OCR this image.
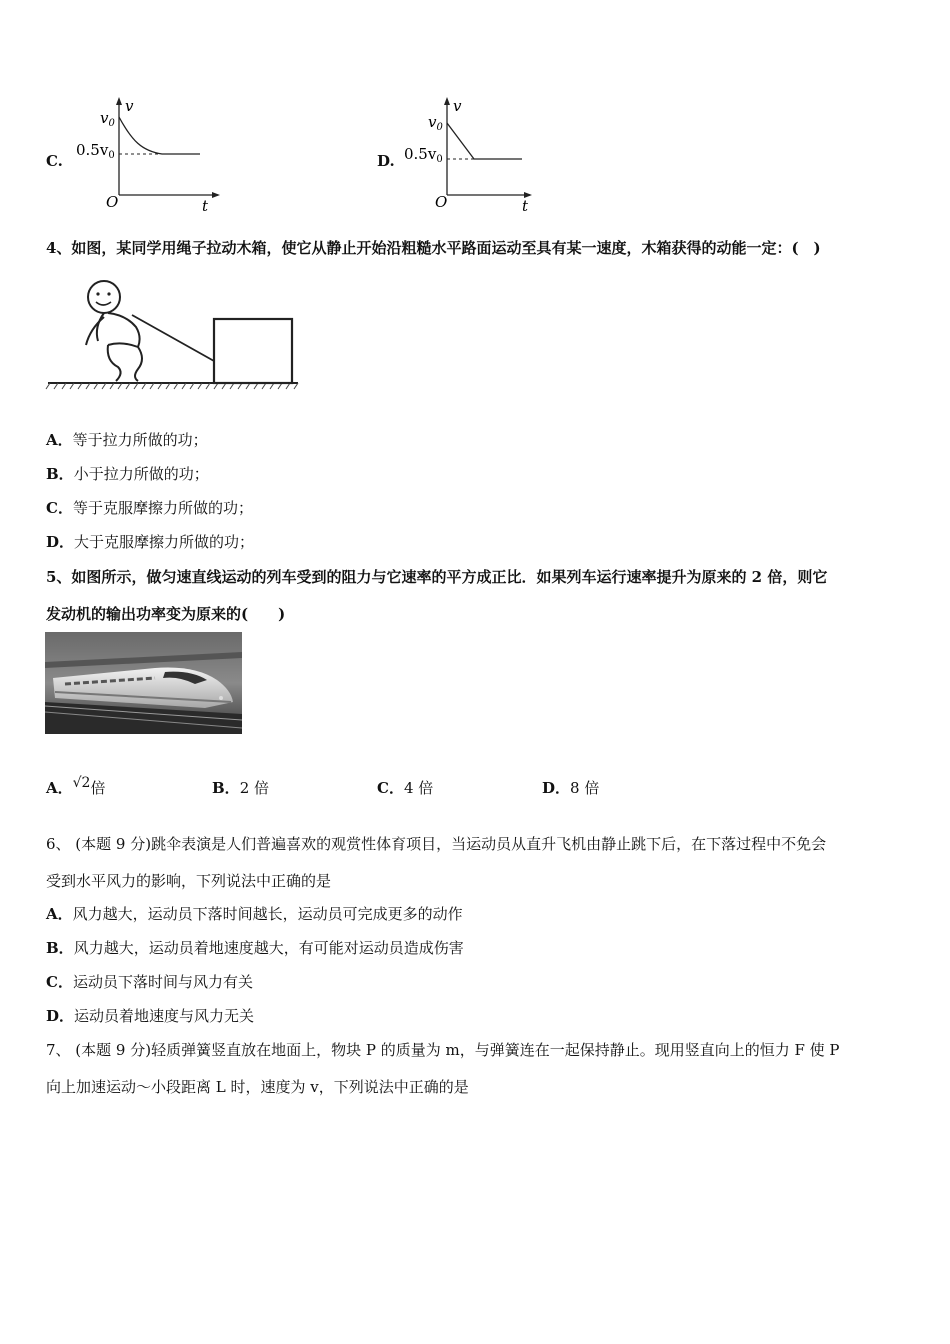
C.
v
$v_0$
$0.5v_0$
O	t
D.
v
$v_0$
$0.5v_0$
O	t
4、如图，某同学用绳子拉动木箱，使它从静止开始沿粗糙水平路面运动至具有某一速度，木箱获得的动能一定：(　)
A．等于拉力所做的功；
B．小于拉力所做的功；
C．等于克服摩擦力所做的功；
D．大于克服摩擦力所做的功；
5、如图所示，做匀速直线运动的列车受到的阻力与它速率的平方成正比．如果列车运行速率提升为原来的 2 倍，则它
发动机的输出功率变为原来的(　　)
A．√2倍	B．2 倍	C．4 倍	D．8 倍
6、 (本题 9 分)跳伞表演是人们普遍喜欢的观赏性体育项目，当运动员从直升飞机由静止跳下后，在下落过程中不免会
受到水平风力的影响，下列说法中正确的是
A．风力越大，运动员下落时间越长，运动员可完成更多的动作
B．风力越大，运动员着地速度越大，有可能对运动员造成伤害
C．运动员下落时间与风力有关
D．运动员着地速度与风力无关
7、 (本题 9 分)轻质弹簧竖直放在地面上，物块 P 的质量为 m，与弹簧连在一起保持静止。现用竖直向上的恒力 F 使 P
向上加速运动～小段距离 L 时，速度为 v，下列说法中正确的是
